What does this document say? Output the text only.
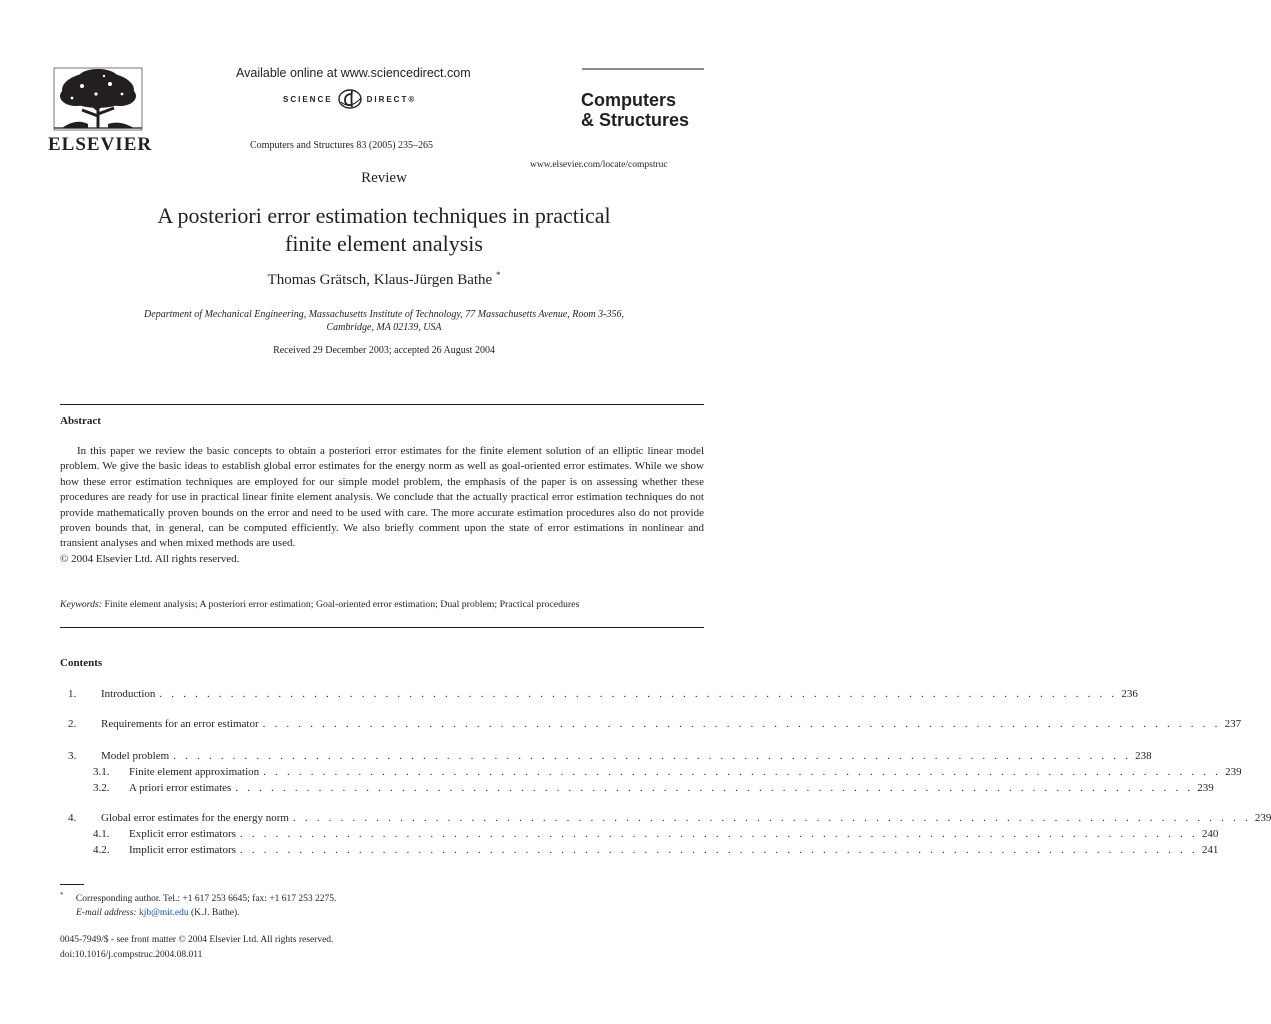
ELSEVIER
Available online at www.sciencedirect.com
SCIENCE	DIRECT®
Computers and Structures 83 (2005) 235–265
Computers
& Structures
www.elsevier.com/locate/compstruc
Review
A posteriori error estimation techniques in practical
finite element analysis
Thomas Grätsch, Klaus-Jürgen Bathe *
Department of Mechanical Engineering, Massachusetts Institute of Technology, 77 Massachusetts Avenue, Room 3-356,
Cambridge, MA 02139, USA
Received 29 December 2003; accepted 26 August 2004
Abstract

In this paper we review the basic concepts to obtain a posteriori error estimates for the finite element solution of an elliptic linear model problem. We give the basic ideas to establish global error estimates for the energy norm as well as goal-oriented error estimates. While we show how these error estimation techniques are employed for our simple model problem, the emphasis of the paper is on assessing whether these procedures are ready for use in practical linear finite element analysis. We conclude that the actually practical error estimation techniques do not provide mathematically proven bounds on the error and need to be used with care. The more accurate estimation procedures also do not provide proven bounds that, in general, can be computed efficiently. We also briefly comment upon the state of error estimations in nonlinear and transient analyses and when mixed methods are used.

© 2004 Elsevier Ltd. All rights reserved.

Keywords: Finite element analysis; A posteriori error estimation; Goal-oriented error estimation; Dual problem; Practical procedures
Contents
1.	Introduction . . . . . . . . . . . . . . . . . . . . . . . . . . . . . . . . . . . . . . . . . . . . . . . . . . . . . . . . . . . . . . . . . . . . . . . . . . . . . . . . . 236
2.	Requirements for an error estimator . . . . . . . . . . . . . . . . . . . . . . . . . . . . . . . . . . . . . . . . . . . . . . . . . . . . . . . . . . . . . . . . . . . . . . . . . . . . . . . . . 237
3.	Model problem . . . . . . . . . . . . . . . . . . . . . . . . . . . . . . . . . . . . . . . . . . . . . . . . . . . . . . . . . . . . . . . . . . . . . . . . . . . . . . . . . 238
3.1.	Finite element approximation . . . . . . . . . . . . . . . . . . . . . . . . . . . . . . . . . . . . . . . . . . . . . . . . . . . . . . . . . . . . . . . . . . . . . . . . . . . . . . . . . 239
3.2.	A priori error estimates . . . . . . . . . . . . . . . . . . . . . . . . . . . . . . . . . . . . . . . . . . . . . . . . . . . . . . . . . . . . . . . . . . . . . . . . . . . . . . . . . 239
4.	Global error estimates for the energy norm . . . . . . . . . . . . . . . . . . . . . . . . . . . . . . . . . . . . . . . . . . . . . . . . . . . . . . . . . . . . . . . . . . . . . . . . . . . . . . . . . 239
4.1.	Explicit error estimators . . . . . . . . . . . . . . . . . . . . . . . . . . . . . . . . . . . . . . . . . . . . . . . . . . . . . . . . . . . . . . . . . . . . . . . . . . . . . . . . . 240
4.2.	Implicit error estimators . . . . . . . . . . . . . . . . . . . . . . . . . . . . . . . . . . . . . . . . . . . . . . . . . . . . . . . . . . . . . . . . . . . . . . . . . . . . . . . . . 241
* Corresponding author. Tel.: +1 617 253 6645; fax: +1 617 253 2275.
E-mail address: kjb@mit.edu (K.J. Bathe).
0045-7949/$ - see front matter © 2004 Elsevier Ltd. All rights reserved.
doi:10.1016/j.compstruc.2004.08.011
